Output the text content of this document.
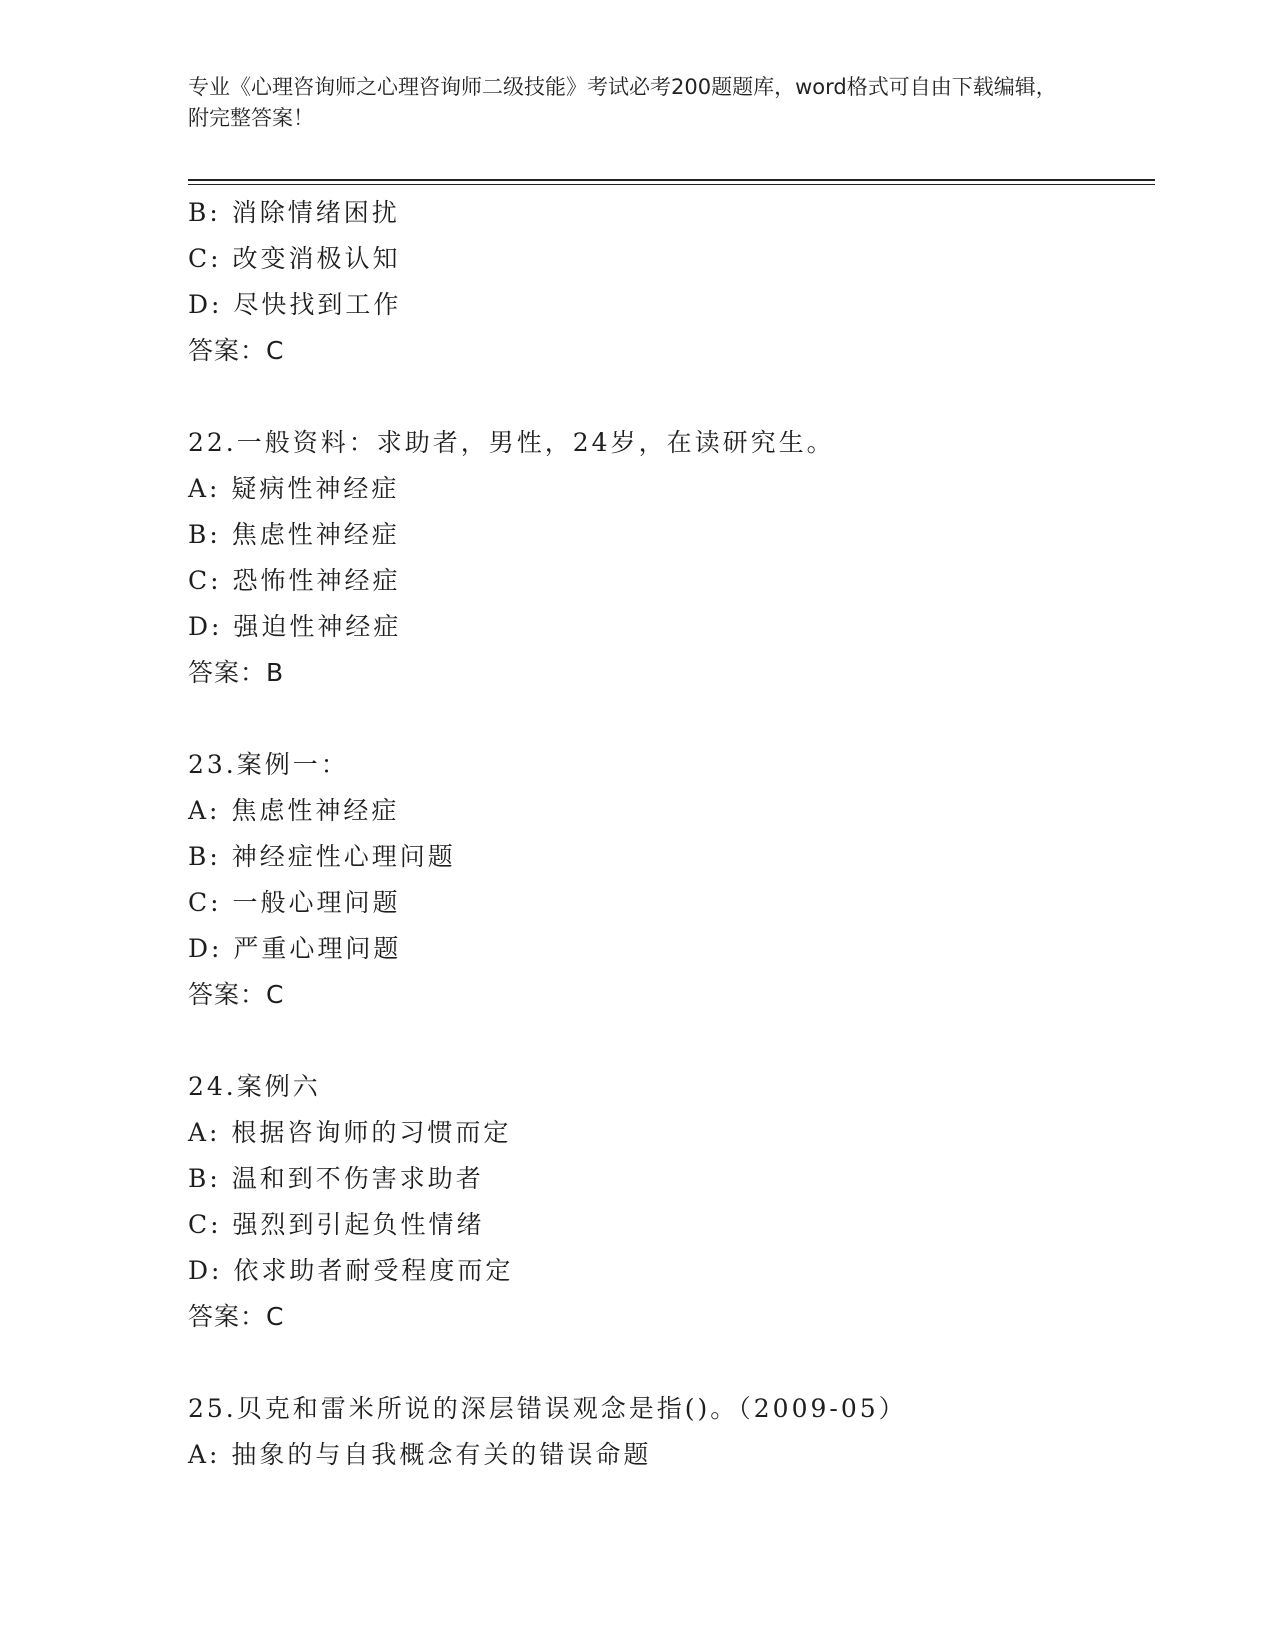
专业《心理咨询师之心理咨询师二级技能》考试必考200题题库，word格式可自由下载编辑，附完整答案！

B: 消除情绪困扰
C: 改变消极认知
D: 尽快找到工作
答案：C
22.一般资料：求助者，男性，24岁，在读研究生。
A: 疑病性神经症
B: 焦虑性神经症
C: 恐怖性神经症
D: 强迫性神经症
答案：B
23.案例一：
A: 焦虑性神经症
B: 神经症性心理问题
C: 一般心理问题
D: 严重心理问题
答案：C
24.案例六
A: 根据咨询师的习惯而定
B: 温和到不伤害求助者
C: 强烈到引起负性情绪
D: 依求助者耐受程度而定
答案：C
25.贝克和雷米所说的深层错误观念是指()。（2009-05）
A: 抽象的与自我概念有关的错误命题
